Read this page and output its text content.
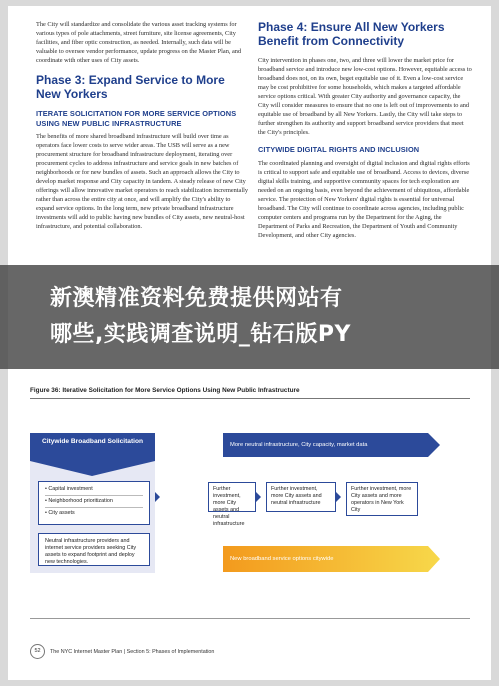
The City will standardize and consolidate the various asset tracking systems for various types of pole attachments, street furniture, site license agreements, City facilities, and fiber optic construction, as needed. Internally, such data will be valuable to oversee vendor performance, update progress on the Master Plan, and coordinate with other uses of City assets.

Phase 3: Expand Service to More New Yorkers
ITERATE SOLICITATION FOR MORE SERVICE OPTIONS USING NEW PUBLIC INFRASTRUCTURE

The benefits of more shared broadband infrastructure will build over time as operators face lower costs to serve wider areas. The USB will serve as a new procurement structure for broadband infrastructure deployment, iterating over procurement cycles to address infrastructure and service goals in new batches of neighborhoods or for new bundles of assets. Such an approach allows the City to develop market response and City capacity in tandem. A steady release of new City offerings will allow innovative market operators to reach stabilization incrementally rather than across the entire city at once, and will amplify the City's ability to expand service options. In the long term, new private broadband infrastructure investments will add to public having new bundles of City assets, new neutral-host infrastructure, and potential collaboration.

Phase 4: Ensure All New Yorkers Benefit from Connectivity

City intervention in phases one, two, and three will lower the market price for broadband service and introduce new low-cost options. However, equitable access to broadband does not, on its own, beget equitable use of it. Even a low-cost service may be cost prohibitive for some households, which makes a targeted affordable service options critical. With greater City authority and governance capacity, the City will consider measures to ensure that no one is left out of improvements to and equitable use of broadband by all New Yorkers. Lastly, the City will take steps to further strengthen its authority and support broadband service providers that meet the City's principles.

CITYWIDE DIGITAL RIGHTS AND INCLUSION

The coordinated planning and oversight of digital inclusion and digital rights efforts is critical to support safe and equitable use of broadband. Access to devices, diverse digital skills training, and supportive community spaces for tech exploration are needed on an ongoing basis, even beyond the achievement of ubiquitous, affordable service. The protection of New Yorkers' digital rights is essential for universal broadband. The City will continue to coordinate across agencies, including public computer centers and programs run by the Department for the Aging, the Department of Parks and Recreation, the Department of Youth and Community Development, and other City agencies.

Figure 36: Iterative Solicitation for More Service Options Using New Public Infrastructure
Citywide Broadband Solicitation
• Capital investment
• Neighborhood prioritization
• City assets
Neutral infrastructure providers and internet service providers seeking City assets to expand footprint and deploy new technologies.
More neutral infrastructure, City capacity, market data
Further investment, more City assets and neutral infrastructure
Further investment, more City assets and neutral infrastructure
Further investment, more City assets and more operators in New York City
New broadband service options citywide
52	The NYC Internet Master Plan | Section 5: Phases of Implementation
新澳精准资料免费提供网站有
哪些,实践调查说明_钻石版PY
